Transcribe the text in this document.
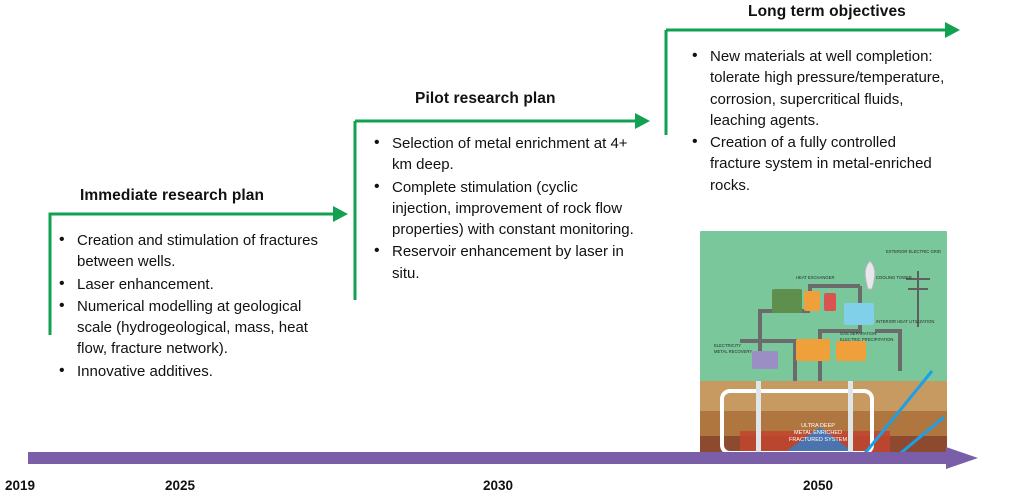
Immediate research plan
• Creation and stimulation of fractures between wells.
• Laser enhancement.
• Numerical modelling at geological scale (hydrogeological, mass, heat flow, fracture network).
• Innovative additives.
Pilot research plan
• Selection of metal enrichment at 4+ km deep.
• Complete stimulation (cyclic injection, improvement of rock flow properties) with constant monitoring.
• Reservoir enhancement by laser in situ.
Long term objectives
• New materials at well completion: tolerate high pressure/temperature, corrosion, supercritical fluids, leaching agents.
• Creation of a fully controlled fracture system in metal-enriched rocks.
ULTRA DEEP
METAL ENRICHED
FRACTURED SYSTEM
EXTERIOR ELECTRIC GRID
COOLING TOWER
HEAT EXCHANGER
ELECTRICITY
METAL RECOVERY
INTERIOR HEAT UTILIZATION
GAS SEPARATION
ELECTRIC PRECIPITATION
2019	2025	2030	2050
